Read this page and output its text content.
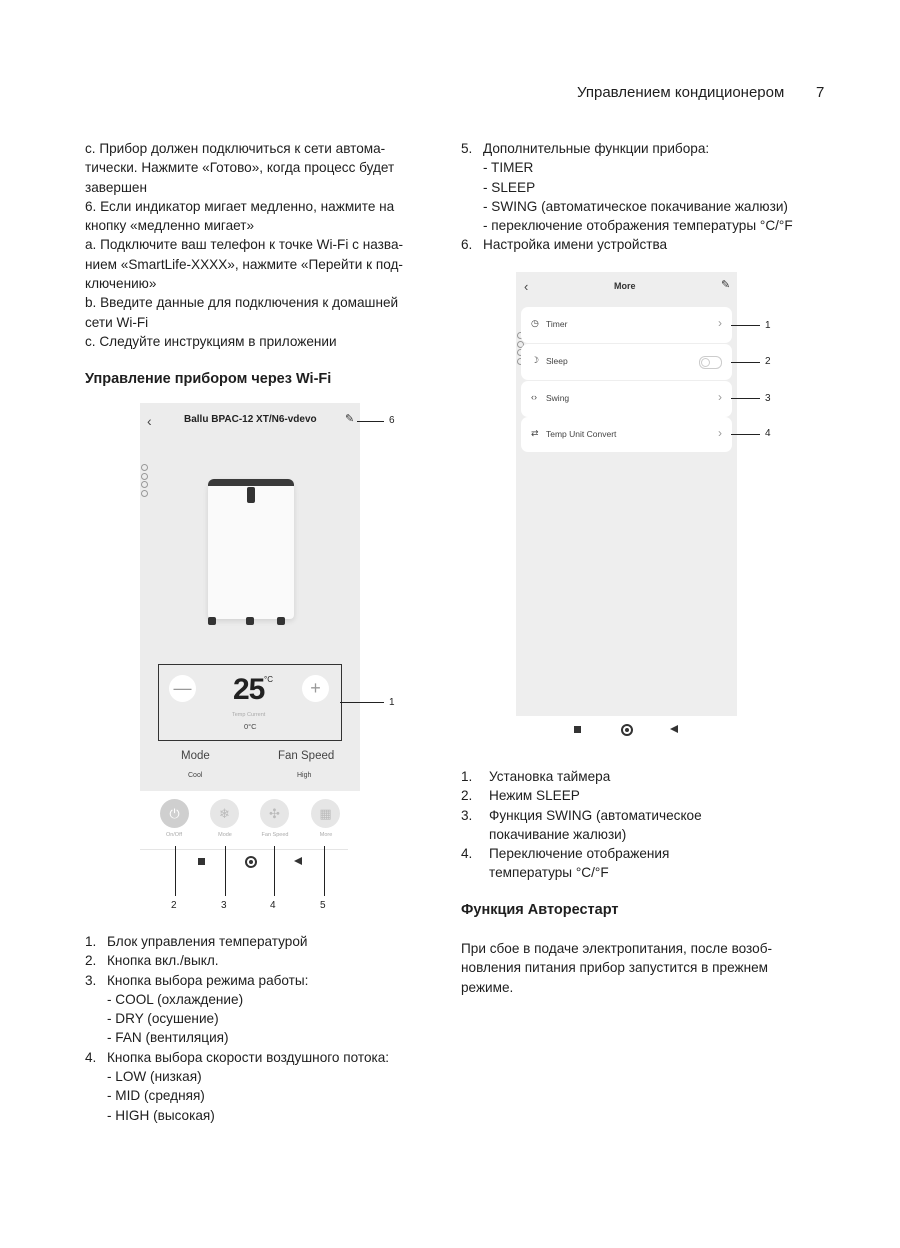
Управлением кондиционером 7
с. Прибор должен подключиться к сети автома-
тически. Нажмите «Готово», когда процесс будет
завершен
6. Если индикатор мигает медленно, нажмите на
кнопку «медленно мигает»
а. Подключите ваш телефон к точке Wi-Fi с назва-
нием «SmartLife-XXXX», нажмите «Перейти к под-
ключению»
b. Введите данные для подключения к домашней
сети Wi-Fi
с. Следуйте инструкциям в приложении
Управление прибором через Wi-Fi
‹	Ballu BPAC-12 XT/N6-vdevo	✎
—	+
25 °C
Temp Current
0°C
Mode	Fan Speed
Cool	High
⏻	❄	✣	▦
On/Off	Mode	Fan Speed	More
6
1
2	3	4	5
1. Блок управления температурой
2. Кнопка вкл./выкл.
3. Кнопка выбора режима работы:
- COOL (охлаждение)
- DRY (осушение)
- FAN (вентиляция)
4. Кнопка выбора скорости воздушного потока:
- LOW (низкая)
- MID (средняя)
- HIGH (высокая)
5. Дополнительные функции прибора:
- TIMER
- SLEEP
- SWING (автоматическое покачивание жалюзи)
- переключение отображения температуры °C/°F
6. Настройка имени устройства
‹	More	✎
◷ Timer	›
☽ Sleep
‹› Swing	›
⇄ Temp Unit Convert	›
1
2
3
4
1. Установка таймера
2. Нежим SLEEP
3. Функция SWING (автоматическое
покачивание жалюзи)
4. Переключение отображения
температуры °C/°F
Функция Авторестарт
При сбое в подаче электропитания, после возоб-
новления питания прибор запустится в прежнем
режиме.
